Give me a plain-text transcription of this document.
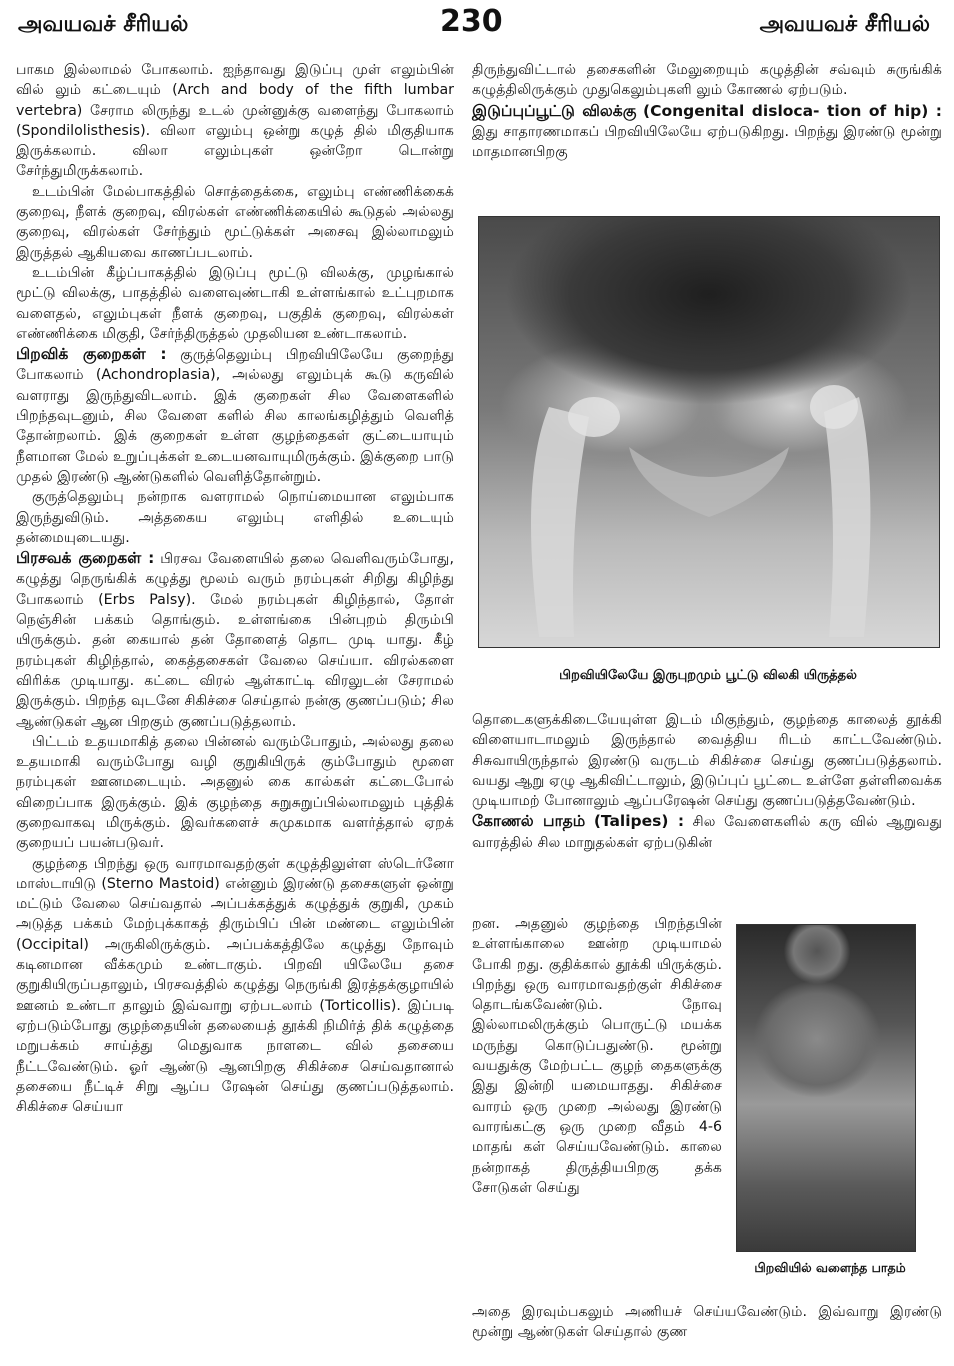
அவயவச் சீரியல்	230	அவயவச் சீரியல்

பாகம இல்லாமல் போகலாம். ஐந்தாவது இடுப்பு முள் எலும்பின் வில் லும் கட்டையும் (Arch and body of the fifth lumbar vertebra) சேராம லிருந்து உடல் முன்னுக்கு வளைந்து போகலாம் (Spondilolisthesis). விலா எலும்பு ஒன்று கழுத் தில் மிகுதியாக இருக்கலாம். விலா எலும்புகள் ஒன்றோ டொன்று சேர்ந்துமிருக்கலாம்.

உடம்பின் மேல்பாகத்தில் சொத்தைக்கை, எலும்பு எண்ணிக்கைக் குறைவு, நீளக் குறைவு, விரல்கள் எண்ணிக்கையில் கூடுதல் அல்லது குறைவு, விரல்கள் சேர்ந்தும் மூட்டுக்கள் அசைவு இல்லாமலும் இருத்தல் ஆகியவை காணப்படலாம்.

உடம்பின் கீழ்ப்பாகத்தில் இடுப்பு மூட்டு விலக்கு, முழங்கால் மூட்டு விலக்கு, பாதத்தில் வளைவுண்டாகி உள்ளங்கால் உட்புறமாக வளைதல், எலும்புகள் நீளக் குறைவு, பகுதிக் குறைவு, விரல்கள் எண்ணிக்கை மிகுதி, சேர்ந்திருத்தல் முதலியன உண்டாகலாம்.

பிறவிக் குறைகள் : குருத்தெலும்பு பிறவியிலேயே குறைந்து போகலாம் (Achondroplasia), அல்லது எலும்புக் கூடு கருவில் வளராது இருந்துவிடலாம். இக் குறைகள் சில வேளைகளில் பிறந்தவுடனும், சில வேளை களில் சில காலங்கழித்தும் வெளித் தோன்றலாம். இக் குறைகள் உள்ள குழந்தைகள் குட்டையாயும் நீளமான மேல் உறுப்புக்கள் உடையனவாயுமிருக்கும். இக்குறை பாடு முதல் இரண்டு ஆண்டுகளில் வெளித்தோன்றும்.

குருத்தெலும்பு நன்றாக வளராமல் நொய்மையான எலும்பாக இருந்துவிடும். அத்தகைய எலும்பு எளிதில் உடையும் தன்மையுடையது.

பிரசவக் குறைகள் : பிரசவ வேளையில் தலை வெளிவரும்போது, கழுத்து நெருங்கிக் கழுத்து மூலம் வரும் நரம்புகள் சிறிது கிழிந்து போகலாம் (Erbs Palsy). மேல் நரம்புகள் கிழிந்தால், தோள் நெஞ்சின் பக்கம் தொங்கும். உள்ளங்கை பின்புறம் திரும்பி யிருக்கும். தன் கையால் தன் தோளைத் தொட முடி யாது. கீழ் நரம்புகள் கிழிந்தால், கைத்தசைகள் வேலை செய்யா. விரல்களை விரிக்க முடியாது. கட்டை விரல் ஆள்காட்டி விரலுடன் சேராமல் இருக்கும். பிறந்த வுடனே சிகிச்சை செய்தால் நன்கு குணப்படும்; சில ஆண்டுகள் ஆன பிறகும் குணப்படுத்தலாம்.

பிட்டம் உதயமாகித் தலை பின்னல் வரும்போதும், அல்லது தலை உதயமாகி வரும்போது வழி குறுகியிருக் கும்போதும் மூளை நரம்புகள் ஊனமடையும். அதனுல் கை கால்கள் கட்டைபோல் விறைப்பாக இருக்கும். இக் குழந்தை சுறுசுறுப்பில்லாமலும் புத்திக் குறைவாகவு மிருக்கும். இவர்களைச் சுமுகமாக வளர்த்தால் ஏறக் குறையப் பயன்படுவர்.

குழந்தை பிறந்து ஒரு வாரமாவதற்குள் கழுத்திலுள்ள ஸ்டெர்னோ மாஸ்டாயிடு (Sterno Mastoid) என்னும் இரண்டு தசைகளுள் ஒன்று மட்டும் வேலை செய்வதால் அப்பக்கத்துக் கழுத்துக் குறுகி, முகம் அடுத்த பக்கம் மேற்புக்காகத் திரும்பிப் பின் மண்டை எலும்பின் (Occipital) அருகிலிருக்கும். அப்பக்கத்திலே கழுத்து நோவும் கடினமான வீக்கமும் உண்டாகும். பிறவி யிலேயே தசை குறுகியிருப்பதாலும், பிரசவத்தில் கழுத்து நெருங்கி இரத்தக்குழாயில் ஊனம் உண்டா தாலும் இவ்வாறு ஏற்படலாம் (Torticollis). இப்படி ஏற்படும்போது குழந்தையின் தலையைத் தூக்கி நிமிர்த் திக் கழுத்தை மறுபக்கம் சாய்த்து மெதுவாக நாளடை வில் தசையை நீட்டவேண்டும். ஓர் ஆண்டு ஆனபிறகு சிகிச்சை செய்வதானால் தசையை நீட்டிச் சிறு ஆப்ப ரேஷன் செய்து குணப்படுத்தலாம். சிகிச்சை செய்யா

திருந்துவிட்டால் தசைகளின் மேலுறையும் கழுத்தின் சவ்வும் சுருங்கிக் கழுத்திலிருக்கும் முதுகெலும்புகளி லும் கோணல் ஏற்படும்.

இடுப்புப்பூட்டு விலக்கு (Congenital disloca- tion of hip) : இது சாதாரணமாகப் பிறவியிலேயே ஏற்படுகிறது. பிறந்து இரண்டு மூன்று மாதமானபிறகு

பிறவியிலேயே இருபுறமும் பூட்டு விலகி யிருத்தல்

தொடைகளுக்கிடையேயுள்ள இடம் மிகுந்தும், குழந்தை காலைத் தூக்கி விளையாடாமலும் இருந்தால் வைத்திய ரிடம் காட்டவேண்டும். சிசுவாயிருந்தால் இரண்டு வருடம் சிகிச்சை செய்து குணப்படுத்தலாம். வயது ஆறு ஏழு ஆகிவிட்டாலும், இடுப்புப் பூட்டை உள்ளே தள்ளிவைக்க முடியாமற் போனாலும் ஆப்பரேஷன் செய்து குணப்படுத்தவேண்டும்.

கோணல் பாதம் (Talipes) : சில வேளைகளில் கரு வில் ஆறுவது வாரத்தில் சில மாறுதல்கள் ஏற்படுகின்

றன. அதனுல் குழந்தை பிறந்தபின் உள்ளங்காலை ஊன்ற முடியாமல் போகி றது. குதிக்கால் தூக்கி யிருக்கும். பிறந்து ஒரு வாரமாவதற்குள் சிகிச்சை தொடங்கவேண்டும். நோவு இல்லாமலிருக்கும் பொருட்டு மயக்க மருந்து கொடுப்பதுண்டு. மூன்று வயதுக்கு மேற்பட்ட குழந் தைகளுக்கு இது இன்றி யமையாதது. சிகிச்சை வாரம் ஒரு முறை அல்லது இரண்டு வாரங்கட்கு ஒரு முறை வீதம் 4-6 மாதங் கள் செய்யவேண்டும். காலை நன்றாகத் திருத்தியபிறகு தக்க சோடுகள் செய்து

பிறவியில் வளைந்த பாதம்

அதை இரவும்பகலும் அணியச் செய்யவேண்டும். இவ்வாறு இரண்டு மூன்று ஆண்டுகள் செய்தால் குண
